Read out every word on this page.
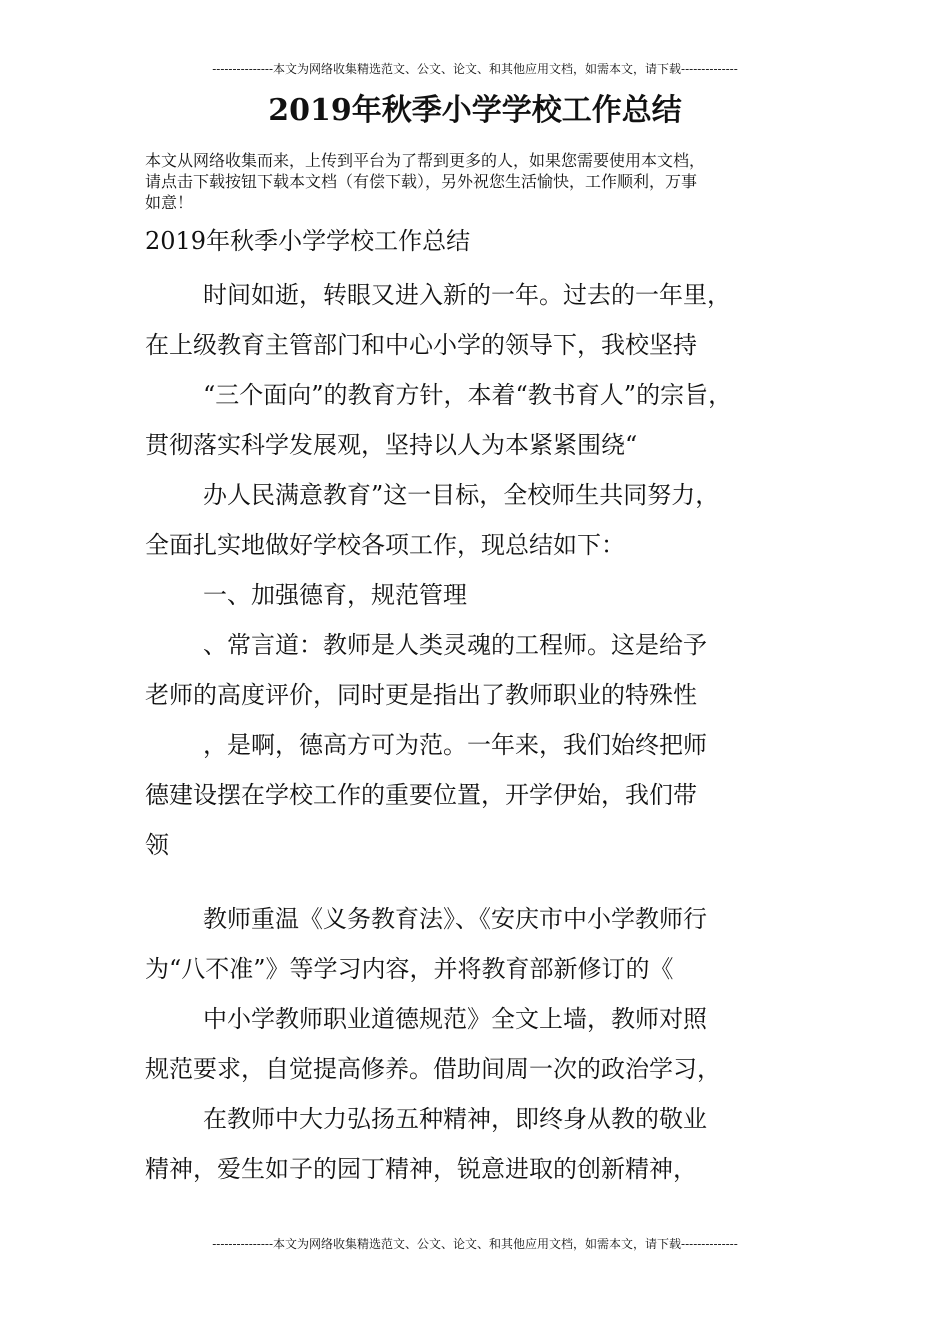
---------------本文为网络收集精选范文、公文、论文、和其他应用文档，如需本文，请下载--------------
2019年秋季小学学校工作总结

本文从网络收集而来，上传到平台为了帮到更多的人，如果您需要使用本文档，

请点击下载按钮下载本文档（有偿下载），另外祝您生活愉快，工作顺利，万事

如意！

2019年秋季小学学校工作总结
时间如逝，转眼又进入新的一年。过去的一年里，
在上级教育主管部门和中心小学的领导下，我校坚持
“三个面向”的教育方针，本着“教书育人”的宗旨，
贯彻落实科学发展观，坚持以人为本紧紧围绕“
办人民满意教育”这一目标，全校师生共同努力，
全面扎实地做好学校各项工作，现总结如下：
一、加强德育，规范管理
、常言道：教师是人类灵魂的工程师。这是给予
老师的高度评价，同时更是指出了教师职业的特殊性
，是啊，德高方可为范。一年来，我们始终把师
德建设摆在学校工作的重要位置，开学伊始，我们带
领
教师重温《义务教育法》、《安庆市中小学教师行
为“八不准”》等学习内容，并将教育部新修订的《
中小学教师职业道德规范》全文上墙，教师对照
规范要求，自觉提高修养。借助间周一次的政治学习，
在教师中大力弘扬五种精神，即终身从教的敬业
精神，爱生如子的园丁精神，锐意进取的创新精神，
---------------本文为网络收集精选范文、公文、论文、和其他应用文档，如需本文，请下载--------------
